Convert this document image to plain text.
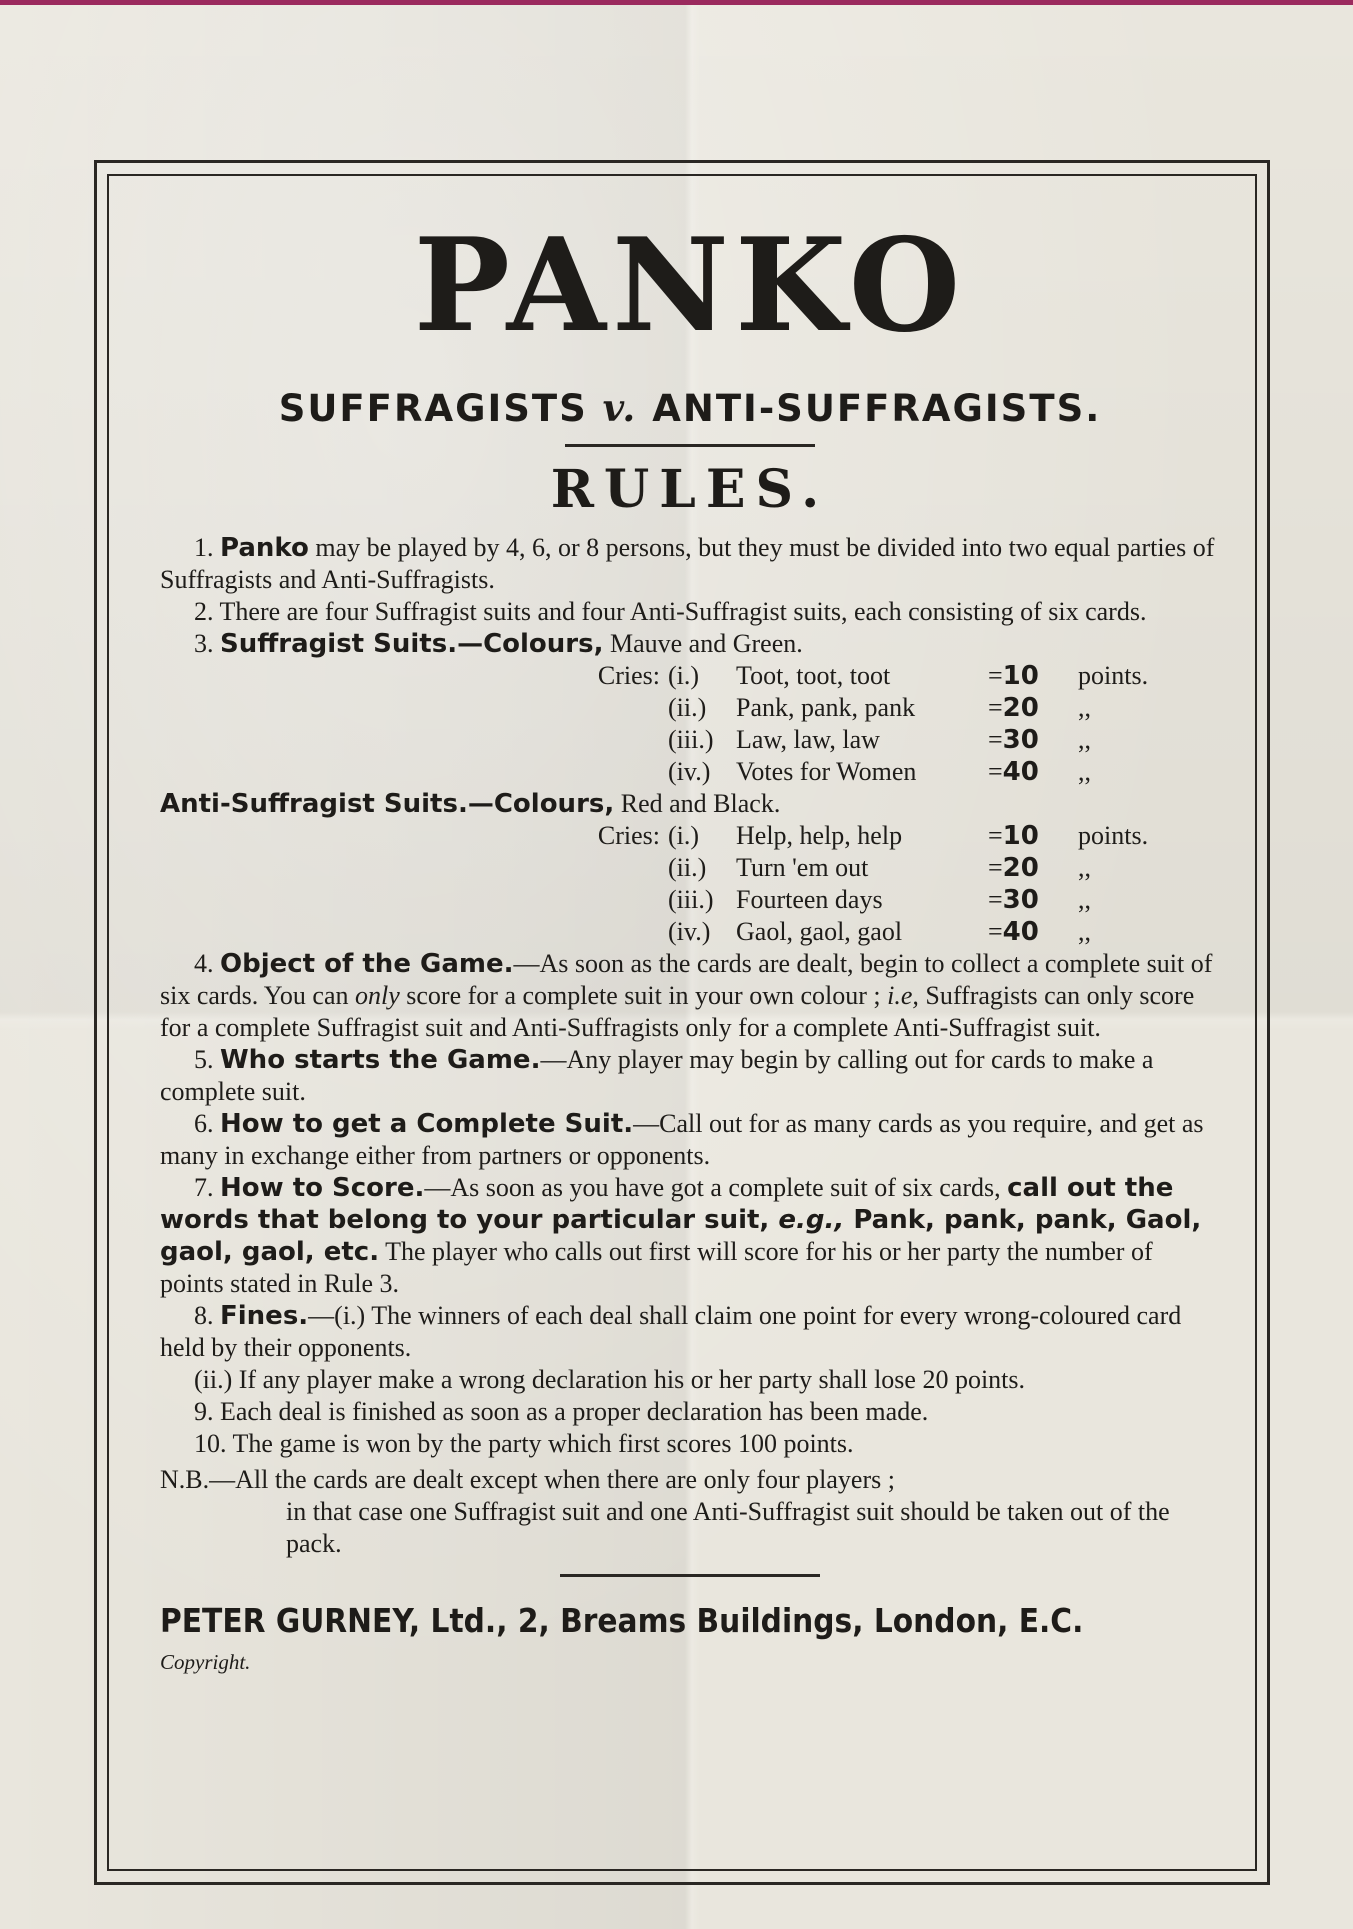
PANKO
SUFFRAGISTS v. ANTI-SUFFRAGISTS.
RULES.

1. Panko may be played by 4, 6, or 8 persons, but they must be divided into two equal parties of Suffragists and Anti-Suffragists.

2. There are four Suffragist suits and four Anti-Suffragist suits, each consisting of six cards.

3. Suffragist Suits.—Colours, Mauve and Green.

Cries: (i.)	Toot, toot, toot	=10	points.
(ii.)	Pank, pank, pank	=20	,,
(iii.) Law, law, law	=30	,,
(iv.) Votes for Women	=40	,,

Anti-Suffragist Suits.—Colours, Red and Black.

Cries: (i.)	Help, help, help	=10	points.
(ii.)	Turn 'em out	=20	,,
(iii.) Fourteen days	=30	,,
(iv.) Gaol, gaol, gaol	=40	,,

4. Object of the Game.—As soon as the cards are dealt, begin to collect a complete suit of six cards. You can only score for a complete suit in your own colour ; i.e, Suffragists can only score for a complete Suffragist suit and Anti-Suffragists only for a complete Anti-Suffragist suit.

5. Who starts the Game.—Any player may begin by calling out for cards to make a complete suit.

6. How to get a Complete Suit.—Call out for as many cards as you require, and get as many in exchange either from partners or opponents.

7. How to Score.—As soon as you have got a complete suit of six cards, call out the words that belong to your particular suit, e.g., Pank, pank, pank, Gaol, gaol, gaol, etc. The player who calls out first will score for his or her party the number of points stated in Rule 3.

8. Fines.—(i.) The winners of each deal shall claim one point for every wrong-coloured card held by their opponents.

(ii.) If any player make a wrong declaration his or her party shall lose 20 points.

9. Each deal is finished as soon as a proper declaration has been made.

10. The game is won by the party which first scores 100 points.

N.B.—All the cards are dealt except when there are only four players ;
in that case one Suffragist suit and one Anti-Suffragist suit should be taken out of the pack.
PETER GURNEY, Ltd., 2, Breams Buildings, London, E.C.
Copyright.
